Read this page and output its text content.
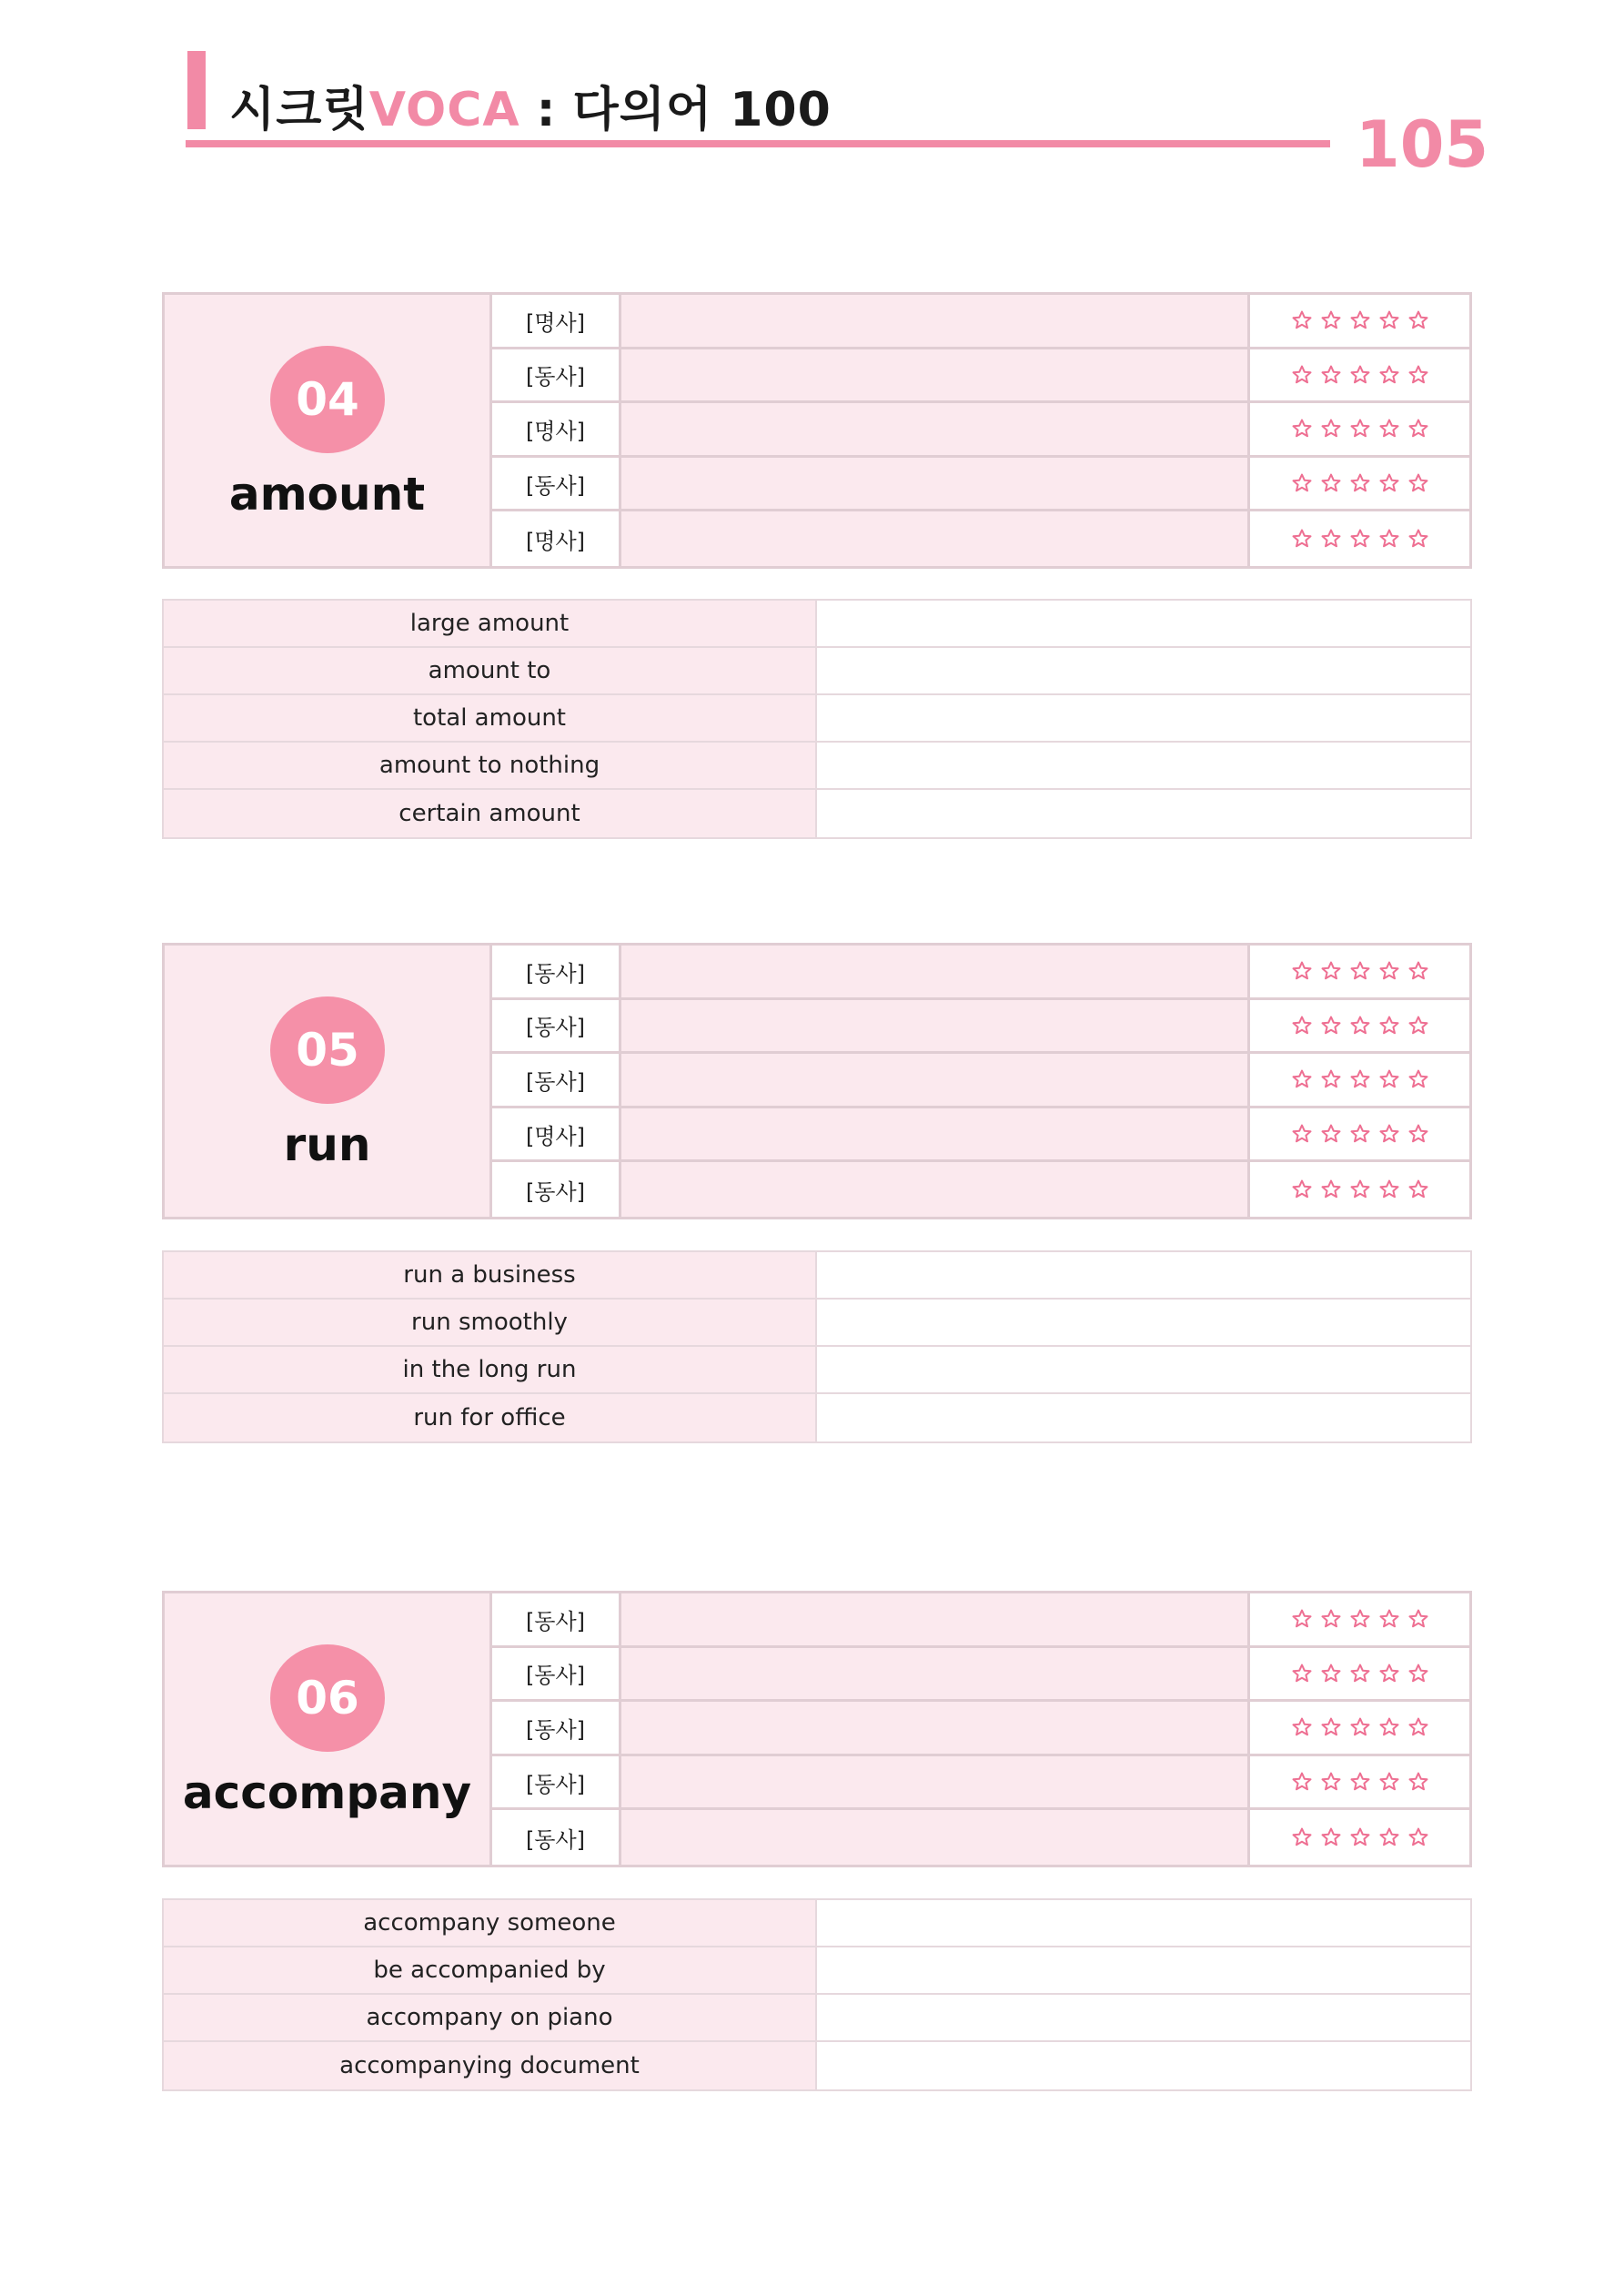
시크릿VOCA : 다의어 100	105
04
amount
[명사]
[동사]
[명사]
[동사]
[명사]
large amount
amount to
total amount
amount to nothing
certain amount
05
run
[동사]
[동사]
[동사]
[명사]
[동사]
run a business
run smoothly
in the long run
run for office
06
accompany
[동사]
[동사]
[동사]
[동사]
[동사]
accompany someone
be accompanied by
accompany on piano
accompanying document
